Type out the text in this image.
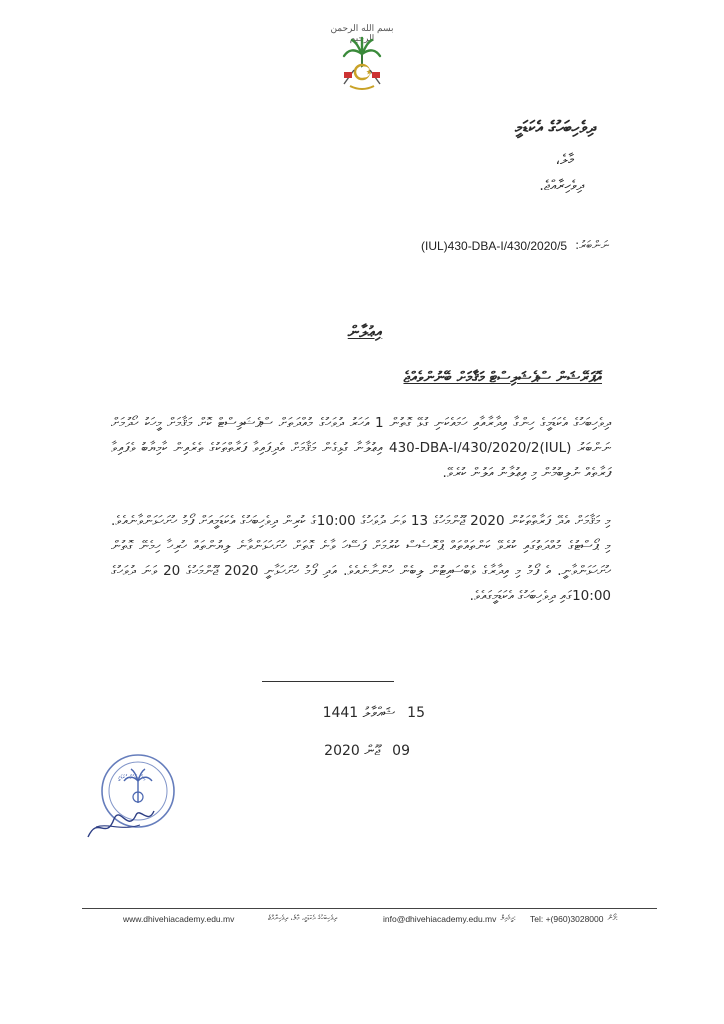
بسم الله الرحمن الرحيم
ދިވެހިބަހުގެ އެކަޑަމީ
މާލެ،
ދިވެހިރާއްޖެ.
ނަންބަރު:
(IUL)430-DBA-I/430/2020/5
އިޢުލާން
އޮޕަރޭޝަން ސްޕެޝަލިސްޓް މަޤާމަށް ބޭނުންވެއްޖެ
ދިވެހިބަހުގެ އެކަޑަމީގެ ހިންގާ އިދާރާއާއި ހަމައެކަނި ގުޅޭ ގޮތުން 1 އަހަރު ދުވަހުގެ މުއްދަތަށް ސްޕެޝަލިސްޓް ކޮށް މަޤާމަށް މީހަކު ހޯދުމަށް ނަންބަރު (IUL)430-DBA-I/430/2020/2 އިޢުލާނާ ގުޅިގެން މަޤާމަށް އެދިފައިވާ ފަރާތްތަކުގެ ތެރެއިން ކާމިޔާބު ވެފައިވާ ފަރާތެއް ނުލިބުމުން މި އިޢުލާނު އަލުން ކުރެވޭ.
މި މަޤާމަށް އެދޭ ފަރާތްތަކުން 2020 ޖޫންމަހުގެ 13 ވަނަ ދުވަހުގެ 10:00ގެ ކުރިން ދިވެހިބަހުގެ އެކަޑަމީއަށް ފޯމު ހުށަހަޅަންވާނެއެވެ. މި ޕޯސްޓުގެ މުއްދަތުގައި ކުރެވޭ ކަންތައްތައް ޕްރޮސެސް ކުރުމަށް ފަސޭހަ ވާނެ ގޮތަށް ހުށަހަޅަންވާނެ ލިޔުންތައް ހުރިހާ ހިމެނޭ ގޮތުން ހުށަހަޅަންވާނީ. އެ ފޯމު މި އިދާރާގެ ވެބްސައިޓުން ލިބެން ހުންނާނެއެވެ. އަދި ފޯމު ހުށަހަޅާނީ 2020 ޖޫންމަހުގެ 20 ވަނަ ދުވަހުގެ 10:00ގައި ދިވެހިބަހުގެ އެކަޑަމީގައެވެ.
15
ޝައްވާލު 1441
09
ޖޫން 2020
ދިވެހިބަހުގެ އެކަޑަމީ
www.dhivehiacademy.edu.mv	ދިވެހިބަހުގެ އެކަޑަމީ، މާލެ، ދިވެހިރާއްޖެ	info@dhivehiacademy.edu.mv އީމެއިލް: Tel: +(960)3028000 ފޯން:
